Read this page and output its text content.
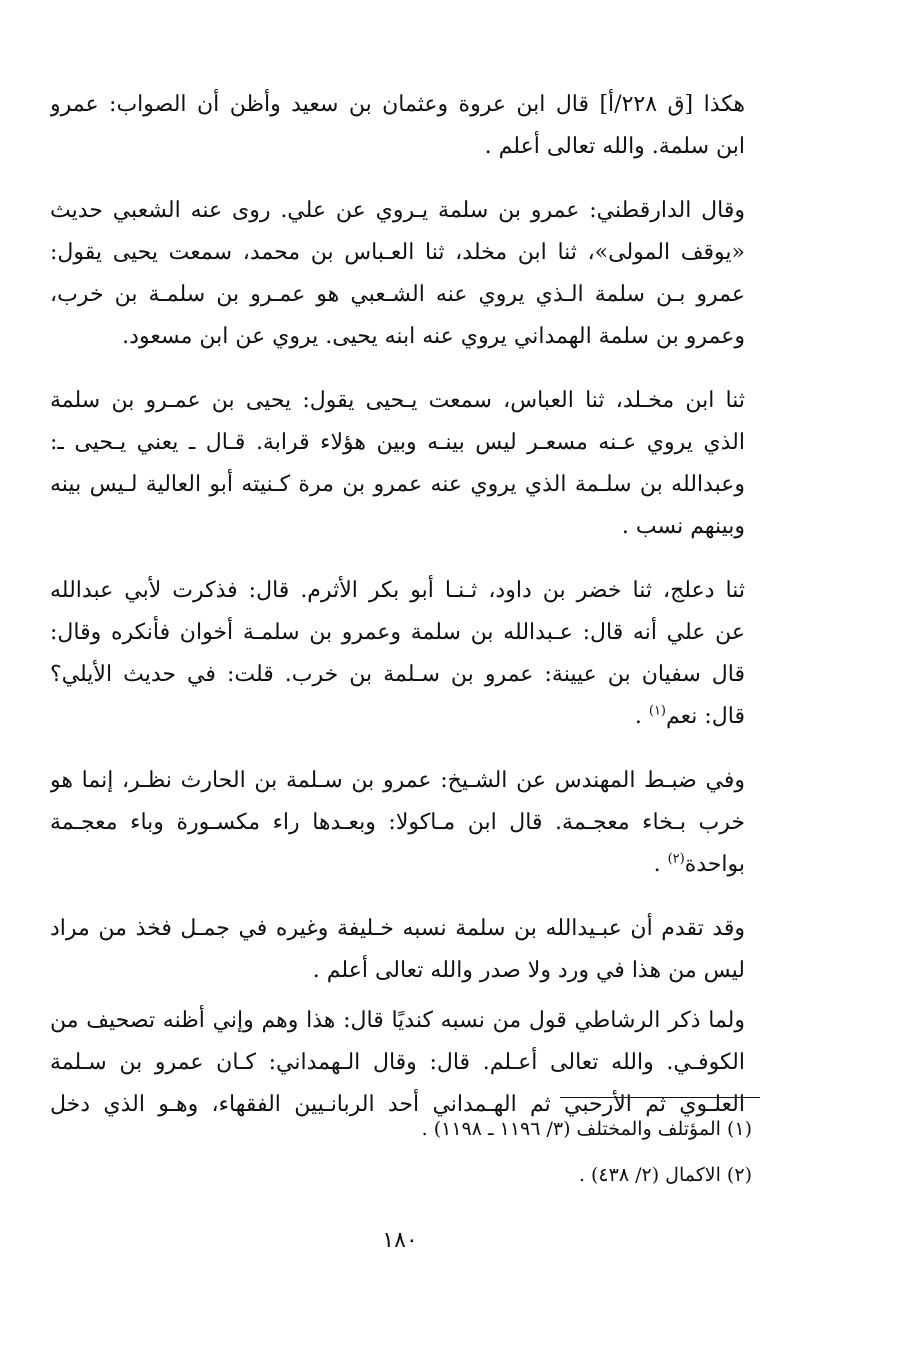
هكذا [ق ٢٢٨/أ] قال ابن عروة وعثمان بن سعيد وأظن أن الصواب: عمرو
ابن سلمة. والله تعالى أعلم .
وقال الدارقطني: عمرو بن سلمة يـروي عن علي. روى عنه الشعبي حديث
«يوقف المولى»، ثنا ابن مخلد، ثنا العـباس بن محمد، سمعت يحيى يقول:
عمرو بـن سلمة الـذي يروي عنه الشـعبي هو عمـرو بن سلمـة بن خرب،
وعمرو بن سلمة الهمداني يروي عنه ابنه يحيى. يروي عن ابن مسعود.
ثنا ابن مخـلد، ثنا العباس، سمعت يـحيى يقول: يحيى بن عمـرو بن سلمة
الذي يروي عـنه مسعـر ليس بينـه وبين هؤلاء قرابة. قـال ـ يعني يـحيى ـ:
وعبدالله بن سلـمة الذي يروي عنه عمرو بن مرة كـنيته أبو العالية لـيس بينه
وبينهم نسب .
ثنا دعلج، ثنا خضر بن داود، ثـنـا أبو بكر الأثرم. قال: فذكرت لأبي عبدالله
عن علي أنه قال: عـبدالله بن سلمة وعمرو بن سلمـة أخوان فأنكره وقال:
قال سفيان بن عيينة: عمرو بن سـلمة بن خرب. قلت: في حديث الأيلي؟
قال: نعم$^{(١)}$ .
وفي ضبـط المهندس عن الشـيخ: عمرو بن سـلمة بن الحارث نظـر، إنما هو
خرب بـخاء معجـمة. قال ابن مـاكولا: وبعـدها راء مكسـورة وباء معجـمة
بواحدة$^{(٢)}$ .
وقد تقدم أن عبـيدالله بن سلمة نسبه خـليفة وغيره في جمـل فخذ من مراد
ليس من هذا في ورد ولا صدر والله تعالى أعلم .
ولما ذكر الرشاطي قول من نسبه كنديًا قال: هذا وهم وإني أظنه تصحيف من
الكوفـي. والله تعالى أعـلم. قال: وقال الـهمداني: كـان عمرو بن سـلمة
العلـوي ثم الأرحبي ثم الهـمداني أحد الربانـيين الفقهاء، وهـو الذي دخل
(١) المؤتلف والمختلف (٣/ ١١٩٦ ـ ١١٩٨) .
(٢) الاكمال (٢/ ٤٣٨) .
١٨٠
